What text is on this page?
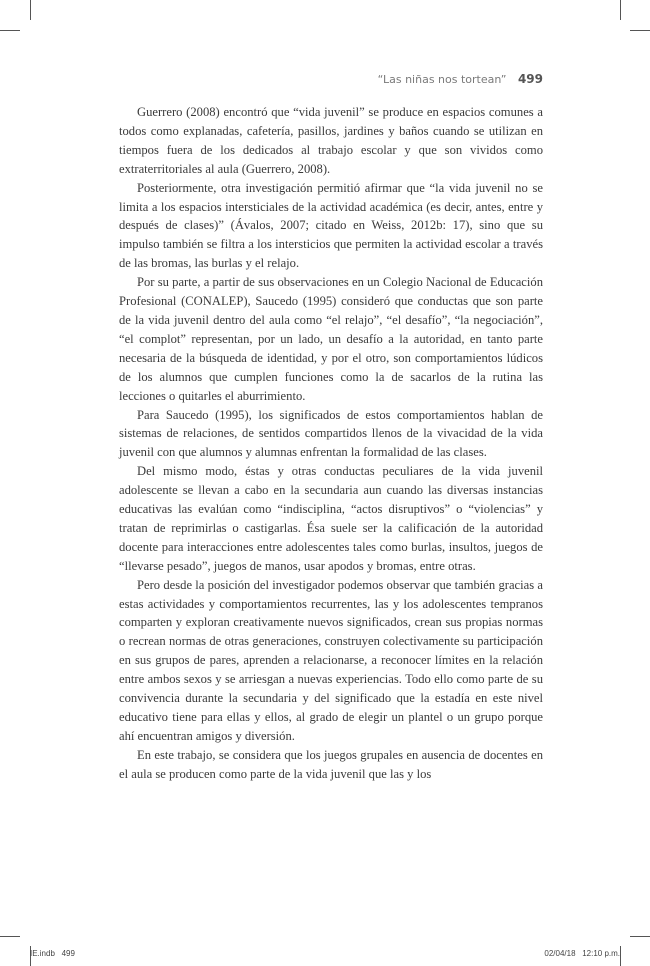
“Las niñas nos tortean” 499

Guerrero (2008) encontró que “vida juvenil” se produce en espacios comunes a todos como explanadas, cafetería, pasillos, jardines y baños cuando se utilizan en tiempos fuera de los dedicados al trabajo escolar y que son vividos como extraterritoriales al aula (Guerrero, 2008).

Posteriormente, otra investigación permitió afirmar que “la vida juvenil no se limita a los espacios intersticiales de la actividad académica (es decir, antes, entre y después de clases)” (Ávalos, 2007; citado en Weiss, 2012b: 17), sino que su impulso también se filtra a los intersticios que permiten la actividad escolar a través de las bromas, las burlas y el relajo.

Por su parte, a partir de sus observaciones en un Colegio Nacional de Educación Profesional (CONALEP), Saucedo (1995) consideró que conductas que son parte de la vida juvenil dentro del aula como “el relajo”, “el desafío”, “la negociación”, “el complot” representan, por un lado, un desafío a la autoridad, en tanto parte necesaria de la búsqueda de identidad, y por el otro, son comportamientos lúdicos de los alumnos que cumplen funciones como la de sacarlos de la rutina las lecciones o quitarles el aburrimiento.

Para Saucedo (1995), los significados de estos comportamientos hablan de sistemas de relaciones, de sentidos compartidos llenos de la vivacidad de la vida juvenil con que alumnos y alumnas enfrentan la formalidad de las clases.

Del mismo modo, éstas y otras conductas peculiares de la vida juvenil adolescente se llevan a cabo en la secundaria aun cuando las diversas instancias educativas las evalúan como “indisciplina, “actos disruptivos” o “violencias” y tratan de reprimirlas o castigarlas. Ésa suele ser la calificación de la autoridad docente para interacciones entre adolescentes tales como burlas, insultos, juegos de “llevarse pesado”, juegos de manos, usar apodos y bromas, entre otras.

Pero desde la posición del investigador podemos observar que también gracias a estas actividades y comportamientos recurrentes, las y los adolescentes tempranos comparten y exploran creativamente nuevos significados, crean sus propias normas o recrean normas de otras generaciones, construyen colectivamente su participación en sus grupos de pares, aprenden a relacionarse, a reconocer límites en la relación entre ambos sexos y se arriesgan a nuevas experiencias. Todo ello como parte de su convivencia durante la secundaria y del significado que la estadía en este nivel educativo tiene para ellas y ellos, al grado de elegir un plantel o un grupo porque ahí encuentran amigos y diversión.

En este trabajo, se considera que los juegos grupales en ausencia de docentes en el aula se producen como parte de la vida juvenil que las y los

IE.indb   499	02/04/18   12:10 p.m.
